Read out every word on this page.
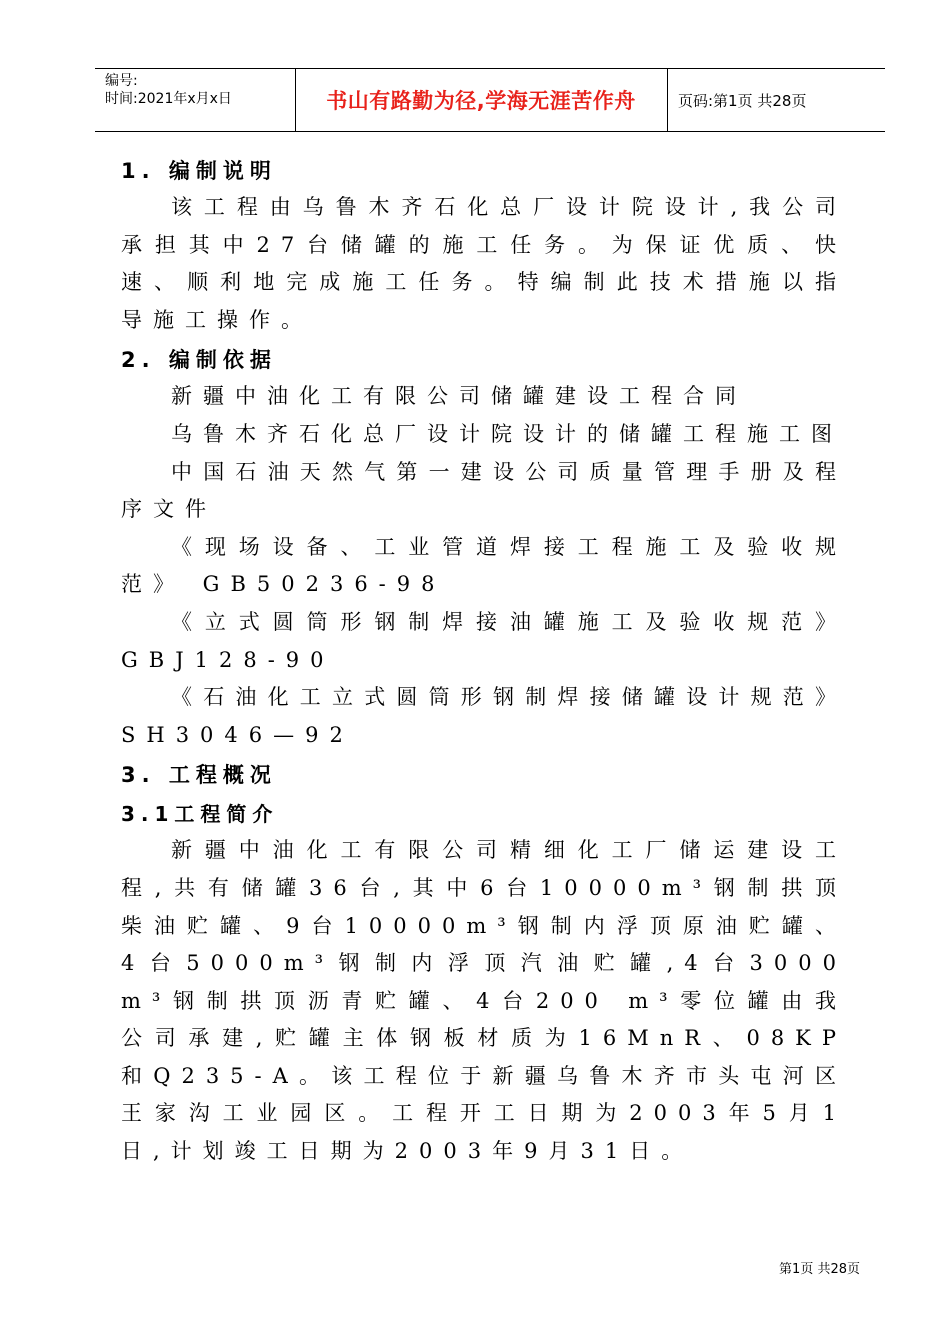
编号:
时间:2021年x月x日	书山有路勤为径,学海无涯苦作舟	页码:第1页 共28页
1. 编制说明

该工程由乌鲁木齐石化总厂设计院设计,我公司承担其中27台储罐的施工任务。为保证优质、快速、顺利地完成施工任务。特编制此技术措施以指导施工操作。

2. 编制依据

新疆中油化工有限公司储罐建设工程合同

乌鲁木齐石化总厂设计院设计的储罐工程施工图

中国石油天然气第一建设公司质量管理手册及程序文件

《现场设备、工业管道焊接工程施工及验收规范》 GB50236-98

《立式圆筒形钢制焊接油罐施工及验收规范》GBJ128-90

《石油化工立式圆筒形钢制焊接储罐设计规范》 SH3046—92

3. 工程概况
3.1工程简介

新疆中油化工有限公司精细化工厂储运建设工程,共有储罐36台,其中6台10000m³钢制拱顶柴油贮罐、9台10000m³钢制内浮顶原油贮罐、4台5000m³钢制内浮顶汽油贮罐,4台3000 m³钢制拱顶沥青贮罐、4台200 m³零位罐由我公司承建,贮罐主体钢板材质为16MnR、08KP和Q235-A。该工程位于新疆乌鲁木齐市头屯河区王家沟工业园区。工程开工日期为2003年5月1日,计划竣工日期为2003年9月31日。

第1页 共28页
